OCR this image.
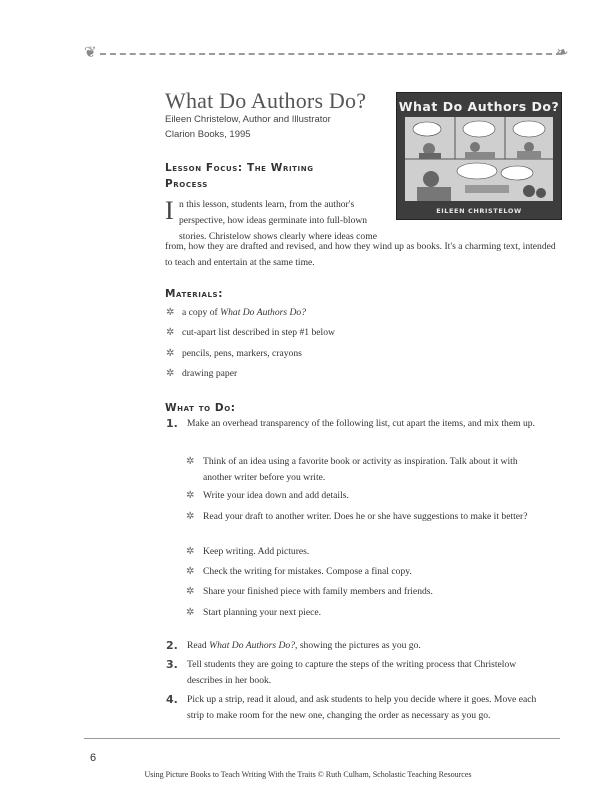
❦	❧
What Do Authors Do?
Eileen Christelow, Author and Illustrator
Clarion Books, 1995
What Do Authors Do?
EILEEN CHRISTELOW
Lesson Focus: The Writing
Process
I n this lesson, students learn, from the author's perspective, how ideas germinate into full-blown stories. Christelow shows clearly where ideas come
from, how they are drafted and revised, and how they wind up as books. It's a charming text, intended to teach and entertain at the same time.
Materials:
✲ a copy of What Do Authors Do?
✲ cut-apart list described in step #1 below
✲ pencils, pens, markers, crayons
✲ drawing paper
What to Do:
1. Make an overhead transparency of the following list, cut apart the items, and mix them up.
✲ Think of an idea using a favorite book or activity as inspiration. Talk about it with another writer before you write.
✲ Write your idea down and add details.
✲ Read your draft to another writer. Does he or she have suggestions to make it better?
✲ Keep writing. Add pictures.
✲ Check the writing for mistakes. Compose a final copy.
✲ Share your finished piece with family members and friends.
✲ Start planning your next piece.
2. Read What Do Authors Do?, showing the pictures as you go.
3. Tell students they are going to capture the steps of the writing process that Christelow describes in her book.
4. Pick up a strip, read it aloud, and ask students to help you decide where it goes. Move each strip to make room for the new one, changing the order as necessary as you go.
6
Using Picture Books to Teach Writing With the Traits © Ruth Culham, Scholastic Teaching Resources
